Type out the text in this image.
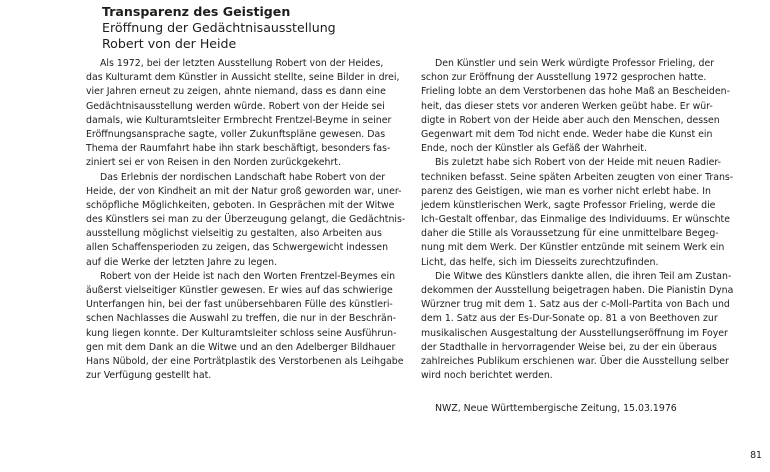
Transparenz des Geistigen
Eröffnung der Gedächtnisausstellung
Robert von der Heide
Als 1972, bei der letzten Ausstellung Robert von der Heides,
das Kulturamt dem Künstler in Aussicht stellte, seine Bilder in drei,
vier Jahren erneut zu zeigen, ahnte niemand, dass es dann eine
Gedächtnisausstellung werden würde. Robert von der Heide sei
damals, wie Kulturamtsleiter Ermbrecht Frentzel-Beyme in seiner
Eröffnungsansprache sagte, voller Zukunftspläne gewesen. Das
Thema der Raumfahrt habe ihn stark beschäftigt, besonders fas-
ziniert sei er von Reisen in den Norden zurückgekehrt.
Das Erlebnis der nordischen Landschaft habe Robert von der
Heide, der von Kindheit an mit der Natur groß geworden war, uner-
schöpfliche Möglichkeiten, geboten. In Gesprächen mit der Witwe
des Künstlers sei man zu der Überzeugung gelangt, die Gedächtnis-
ausstellung möglichst vielseitig zu gestalten, also Arbeiten aus
allen Schaffensperioden zu zeigen, das Schwergewicht indessen
auf die Werke der letzten Jahre zu legen.
Robert von der Heide ist nach den Worten Frentzel-Beymes ein
äußerst vielseitiger Künstler gewesen. Er wies auf das schwierige
Unterfangen hin, bei der fast unübersehbaren Fülle des künstleri-
schen Nachlasses die Auswahl zu treffen, die nur in der Beschrän-
kung liegen konnte. Der Kulturamtsleiter schloss seine Ausführun-
gen mit dem Dank an die Witwe und an den Adelberger Bildhauer
Hans Nübold, der eine Porträtplastik des Verstorbenen als Leihgabe
zur Verfügung gestellt hat.
Den Künstler und sein Werk würdigte Professor Frieling, der
schon zur Eröffnung der Ausstellung 1972 gesprochen hatte.
Frieling lobte an dem Verstorbenen das hohe Maß an Bescheiden-
heit, das dieser stets vor anderen Werken geübt habe. Er wür-
digte in Robert von der Heide aber auch den Menschen, dessen
Gegenwart mit dem Tod nicht ende. Weder habe die Kunst ein
Ende, noch der Künstler als Gefäß der Wahrheit.
Bis zuletzt habe sich Robert von der Heide mit neuen Radier-
techniken befasst. Seine späten Arbeiten zeugten von einer Trans-
parenz des Geistigen, wie man es vorher nicht erlebt habe. In
jedem künstlerischen Werk, sagte Professor Frieling, werde die
Ich-Gestalt offenbar, das Einmalige des Individuums. Er wünschte
daher die Stille als Voraussetzung für eine unmittelbare Begeg-
nung mit dem Werk. Der Künstler entzünde mit seinem Werk ein
Licht, das helfe, sich im Diesseits zurechtzufinden.
Die Witwe des Künstlers dankte allen, die ihren Teil am Zustan-
dekommen der Ausstellung beigetragen haben. Die Pianistin Dyna
Würzner trug mit dem 1. Satz aus der c-Moll-Partita von Bach und
dem 1. Satz aus der Es-Dur-Sonate op. 81 a von Beethoven zur
musikalischen Ausgestaltung der Ausstellungseröffnung im Foyer
der Stadthalle in hervorragender Weise bei, zu der ein überaus
zahlreiches Publikum erschienen war. Über die Ausstellung selber
wird noch berichtet werden.
NWZ, Neue Württembergische Zeitung, 15.03.1976
81
